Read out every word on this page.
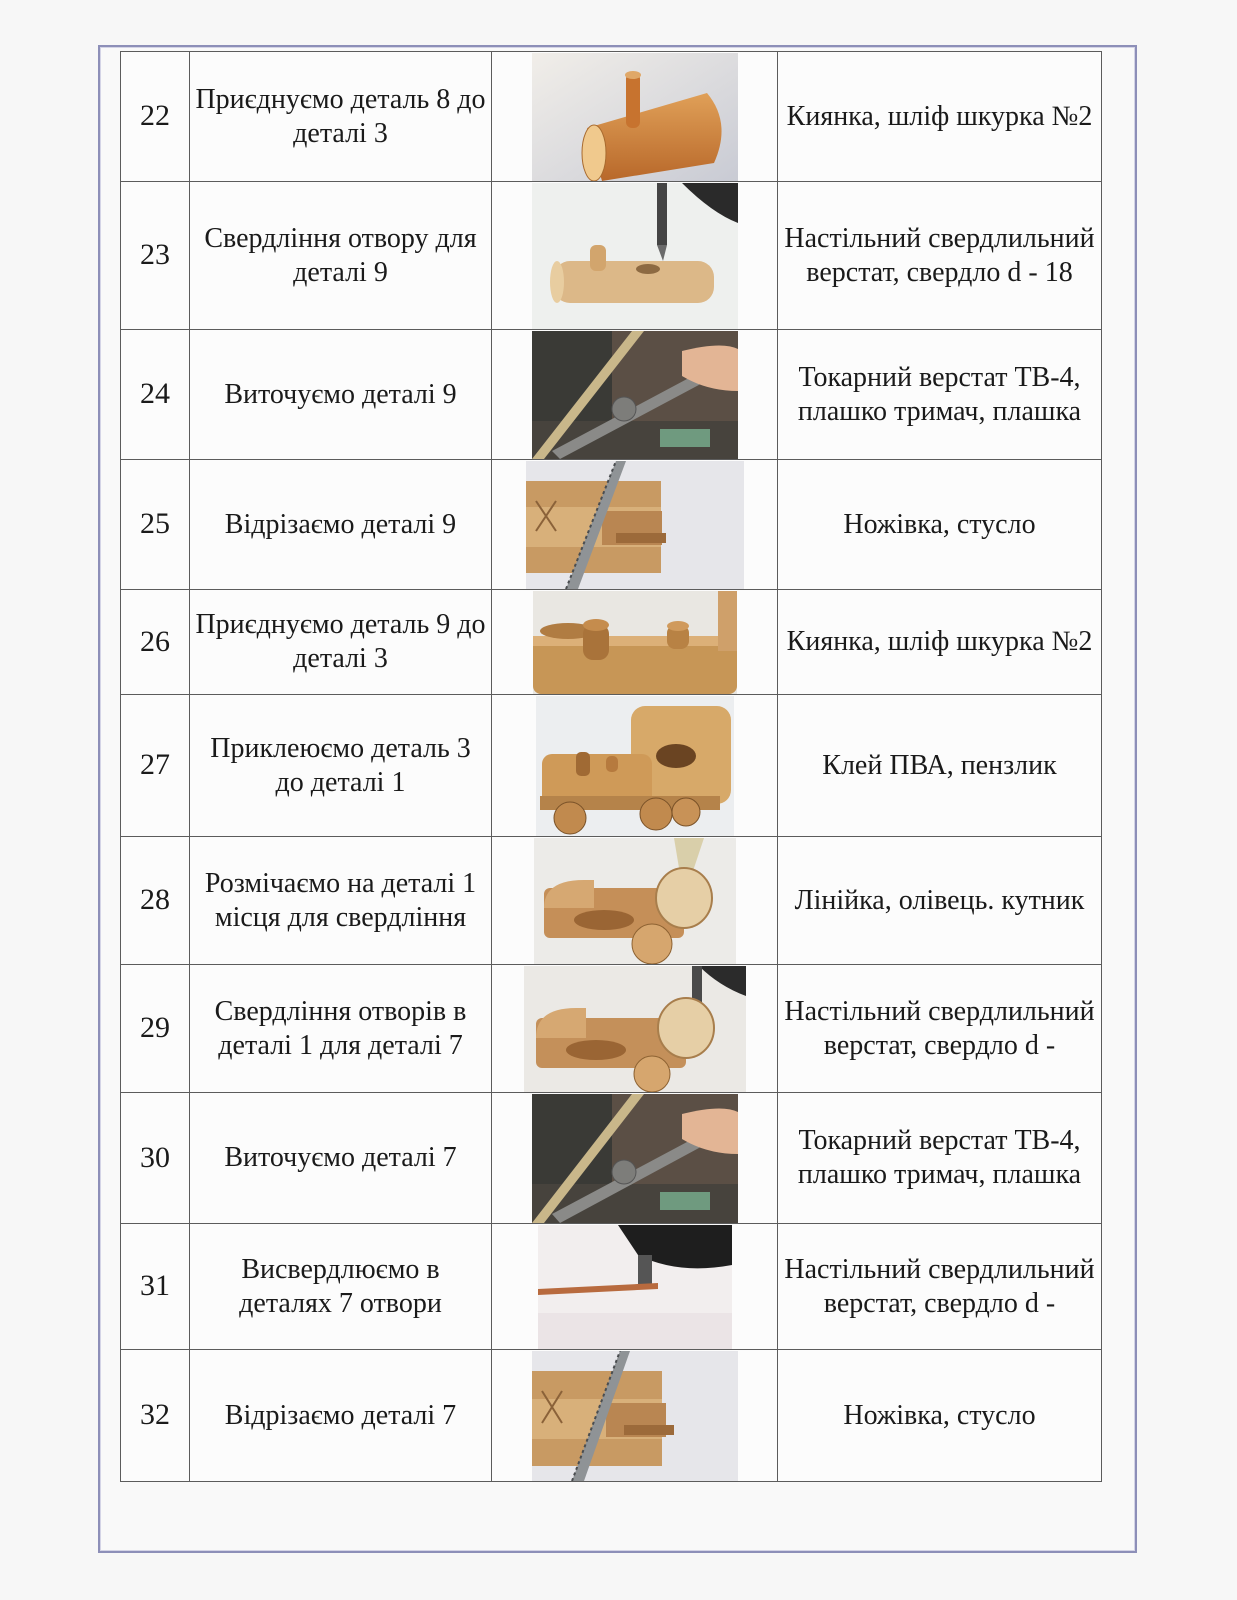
22	Приєднуємо деталь 8 до деталі 3		Киянка, шліф шкурка №2
23	Свердління отвору для деталі 9		Настільний свердлильний верстат, свердло d - 18
24	Виточуємо деталі 9		Токарний верстат ТВ-4, плашко тримач, плашка
25	Відрізаємо деталі 9		Ножівка, стусло
26	Приєднуємо деталь 9 до деталі 3		Киянка, шліф шкурка №2
27	Приклеюємо деталь 3 до деталі 1		Клей ПВА, пензлик
28	Розмічаємо на деталі 1 місця для свердління		Лінійка, олівець. кутник
29	Свердління отворів в деталі 1 для деталі 7		Настільний свердлильний верстат, свердло d -
30	Виточуємо деталі 7		Токарний верстат ТВ-4, плашко тримач, плашка
31	Висвердлюємо в деталях 7 отвори		Настільний свердлильний верстат, свердло d -
32	Відрізаємо деталі 7		Ножівка, стусло
